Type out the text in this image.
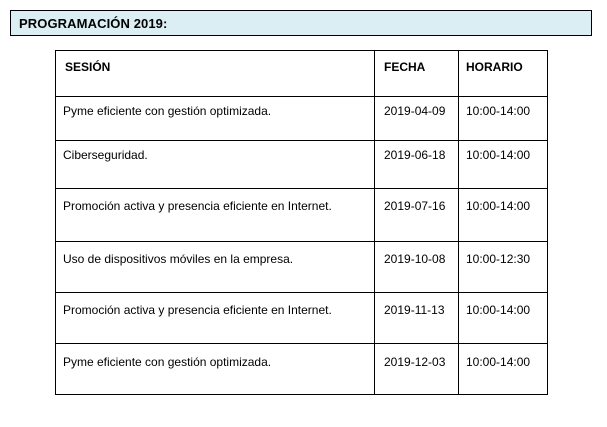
PROGRAMACIÓN 2019:
SESIÓN	FECHA	HORARIO
Pyme eficiente con gestión optimizada.	2019-04-09	10:00-14:00
Ciberseguridad.	2019-06-18	10:00-14:00
Promoción activa y presencia eficiente en Internet.	2019-07-16	10:00-14:00
Uso de dispositivos móviles en la empresa.	2019-10-08	10:00-12:30
Promoción activa y presencia eficiente en Internet.	2019-11-13	10:00-14:00
Pyme eficiente con gestión optimizada.	2019-12-03	10:00-14:00
